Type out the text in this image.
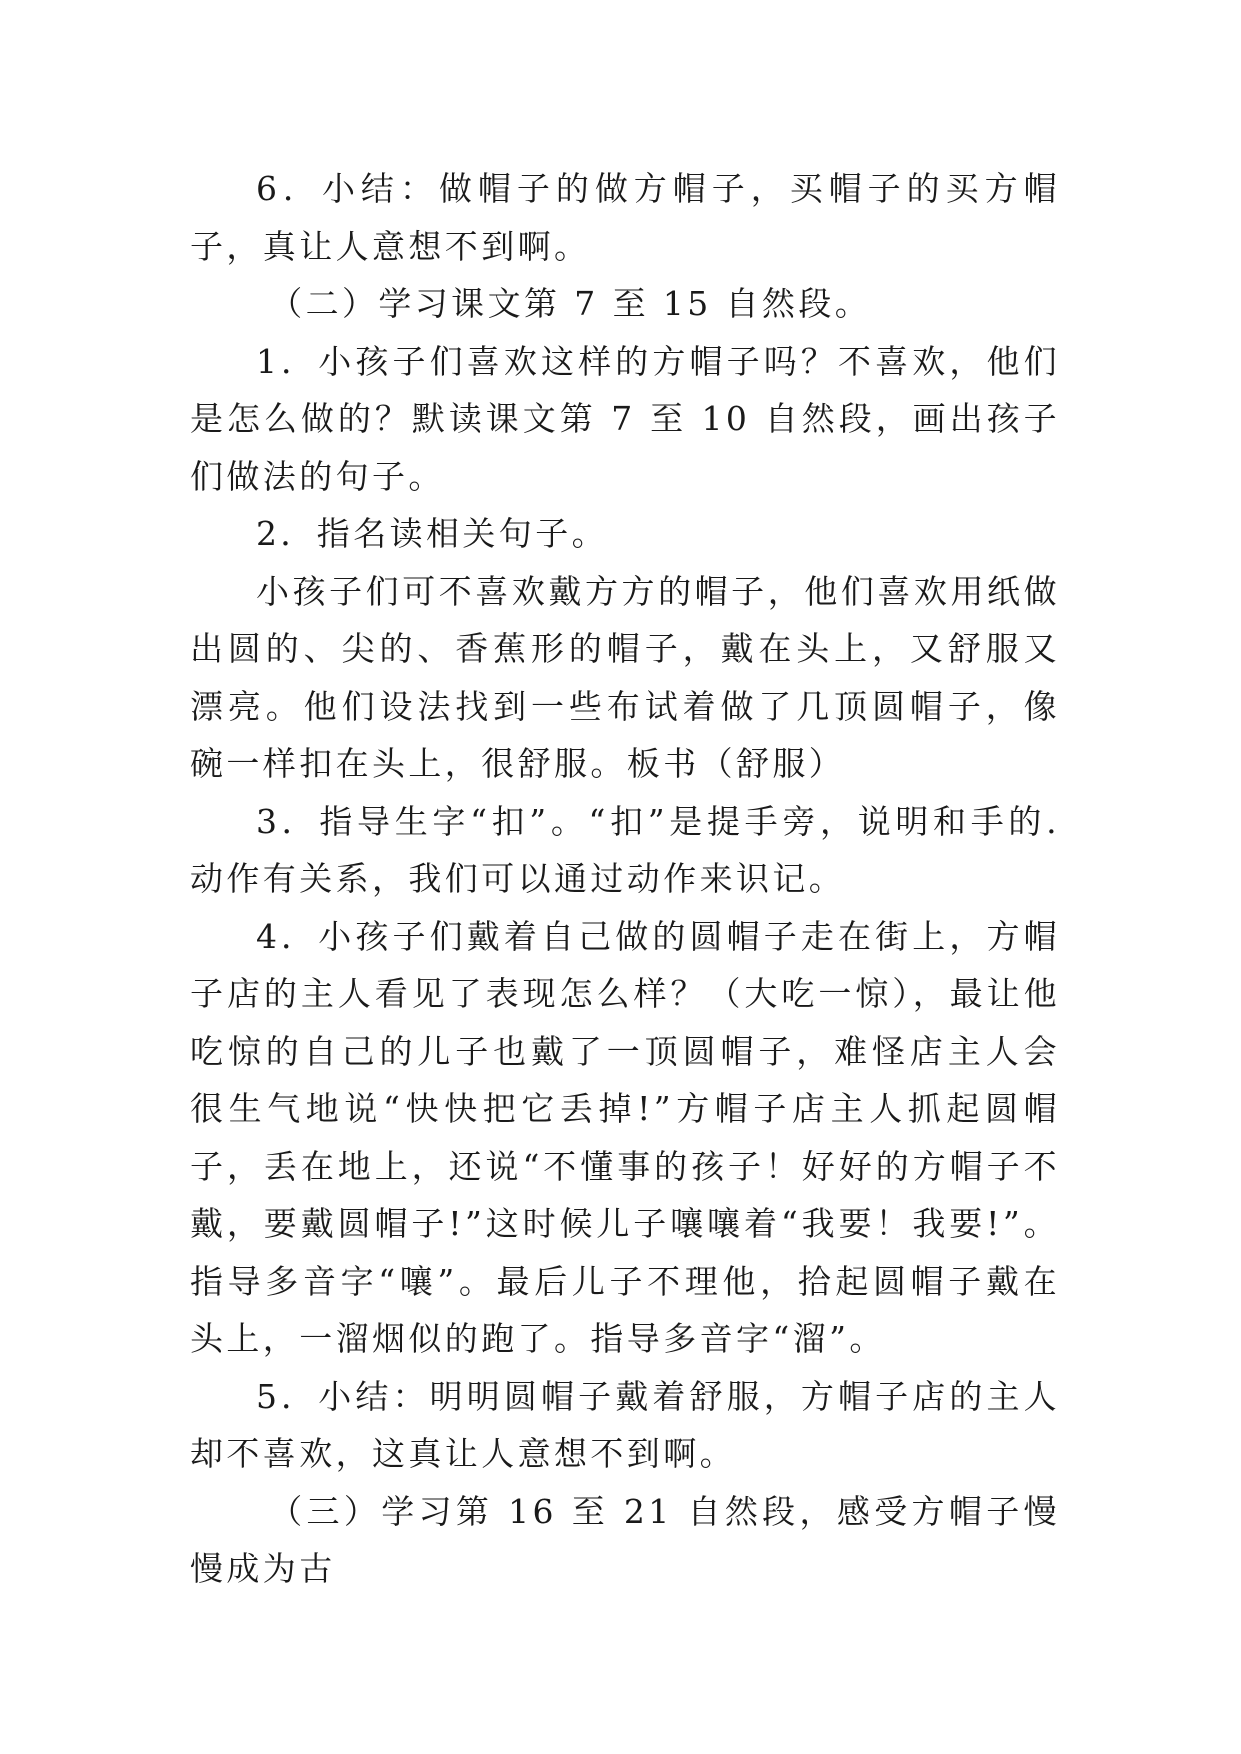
6．小结：做帽子的做方帽子，买帽子的买方帽子，真让人意想不到啊。

（二）学习课文第 7 至 15 自然段。

1．小孩子们喜欢这样的方帽子吗？不喜欢，他们是怎么做的？默读课文第 7 至 10 自然段，画出孩子们做法的句子。

2．指名读相关句子。

小孩子们可不喜欢戴方方的帽子，他们喜欢用纸做出圆的、尖的、香蕉形的帽子，戴在头上，又舒服又漂亮。他们设法找到一些布试着做了几顶圆帽子，像碗一样扣在头上，很舒服。板书（舒服）

3．指导生字“扣”。“扣”是提手旁，说明和手的.动作有关系，我们可以通过动作来识记。

4．小孩子们戴着自己做的圆帽子走在街上，方帽子店的主人看见了表现怎么样？（大吃一惊），最让他吃惊的自己的儿子也戴了一顶圆帽子，难怪店主人会很生气地说“快快把它丢掉!”方帽子店主人抓起圆帽子，丢在地上，还说“不懂事的孩子！好好的方帽子不戴，要戴圆帽子!”这时候儿子嚷嚷着“我要！我要!”。指导多音字“嚷”。最后儿子不理他，拾起圆帽子戴在头上，一溜烟似的跑了。指导多音字“溜”。

5．小结：明明圆帽子戴着舒服，方帽子店的主人却不喜欢，这真让人意想不到啊。

（三）学习第 16 至 21 自然段，感受方帽子慢慢成为古
